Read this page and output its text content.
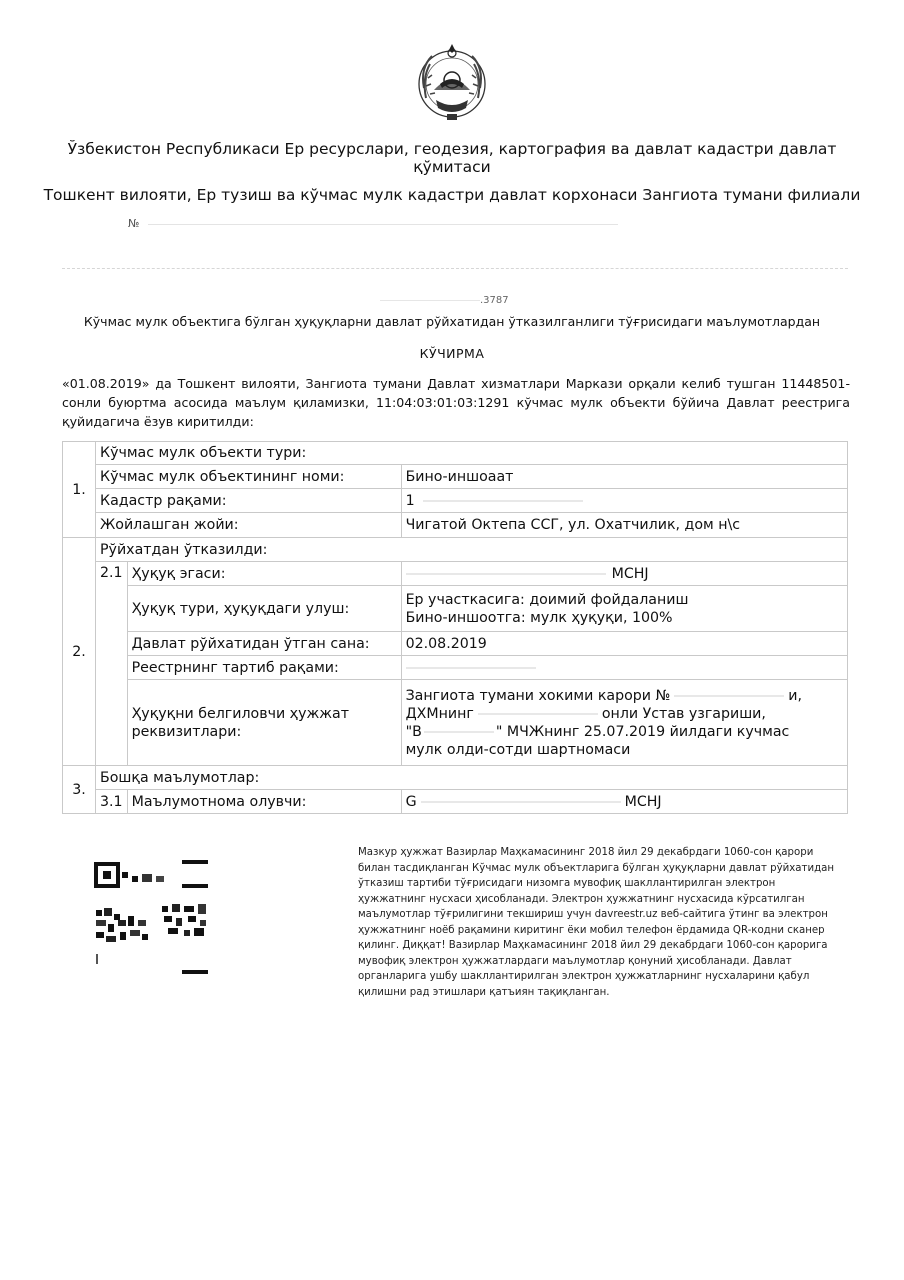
Ўзбекистон Республикаси Ер ресурслари, геодезия, картография ва давлат кадастри давлат қўмитаси
Тошкент вилояти, Ер тузиш ва кўчмас мулк кадастри давлат корхонаси Зангиота тумани филиали
№
.3787
Кўчмас мулк объектига бўлган ҳуқуқларни давлат рўйхатидан ўтказилганлиги тўғрисидаги маълумотлардан
КЎЧИРМА
«01.08.2019» да Тошкент вилояти, Зангиота тумани Давлат хизматлари Маркази орқали келиб тушган 11448501-сонли буюртма асосида маълум қиламизки, 11:04:03:01:03:1291 кўчмас мулк объекти бўйича Давлат реестрига қуйидагича ёзув киритилди:
1.	Кўчмас мулк объекти тури:		
	Кўчмас мулк объектининг номи:		Бино-иншоаат
	Кадастр рақами:		1
	Жойлашган жойи:		Чигатой Октепа ССГ, ул. Охатчилик, дом н\с
2.	Рўйхатдан ўтказилди:		
	2.1	Ҳуқуқ эгаси:	MCHJ
		Ҳуқуқ тури, ҳуқуқдаги улуш:	Ер участкасига: доимий фойдаланиш
Бино-иншоотга: мулк ҳуқуқи, 100%

		Давлат рўйхатидан ўтган сана:	02.08.2019
		Реестрнинг тартиб рақами:	
		Ҳуқуқни белгиловчи ҳужжат реквизитлари:	Зангиота тумани хокими карори № и,
ДХМнинг онли Устав узгариши,
"B " МЧЖнинг 25.07.2019 йилдаги кучмас
мулк олди-сотди шартномаси

3.	Бошқа маълумотлар:		
	3.1	Маълумотнома олувчи:	G MCHJ
Мазкур ҳужжат Вазирлар Маҳкамасининг 2018 йил 29 декабрдаги 1060-сон қарори билан тасдиқланган Кўчмас мулк объектларига бўлган ҳуқуқларни давлат рўйхатидан ўтказиш тартиби тўғрисидаги низомга мувофиқ шакллантирилган электрон ҳужжатнинг нусхаси ҳисобланади. Электрон ҳужжатнинг нусхасида кўрсатилган маълумотлар тўғрилигини текшириш учун davreestr.uz веб-сайтига ўтинг ва электрон ҳужжатнинг ноёб рақамини киритинг ёки мобил телефон ёрдамида QR-кодни сканер қилинг. Диққат! Вазирлар Маҳкамасининг 2018 йил 29 декабрдаги 1060-сон қарорига мувофиқ электрон ҳужжатлардаги маълумотлар қонуний ҳисобланади. Давлат органларига ушбу шакллантирилган электрон ҳужжатларнинг нусхаларини қабул қилишни рад этишлари қатъиян тақиқланган.
